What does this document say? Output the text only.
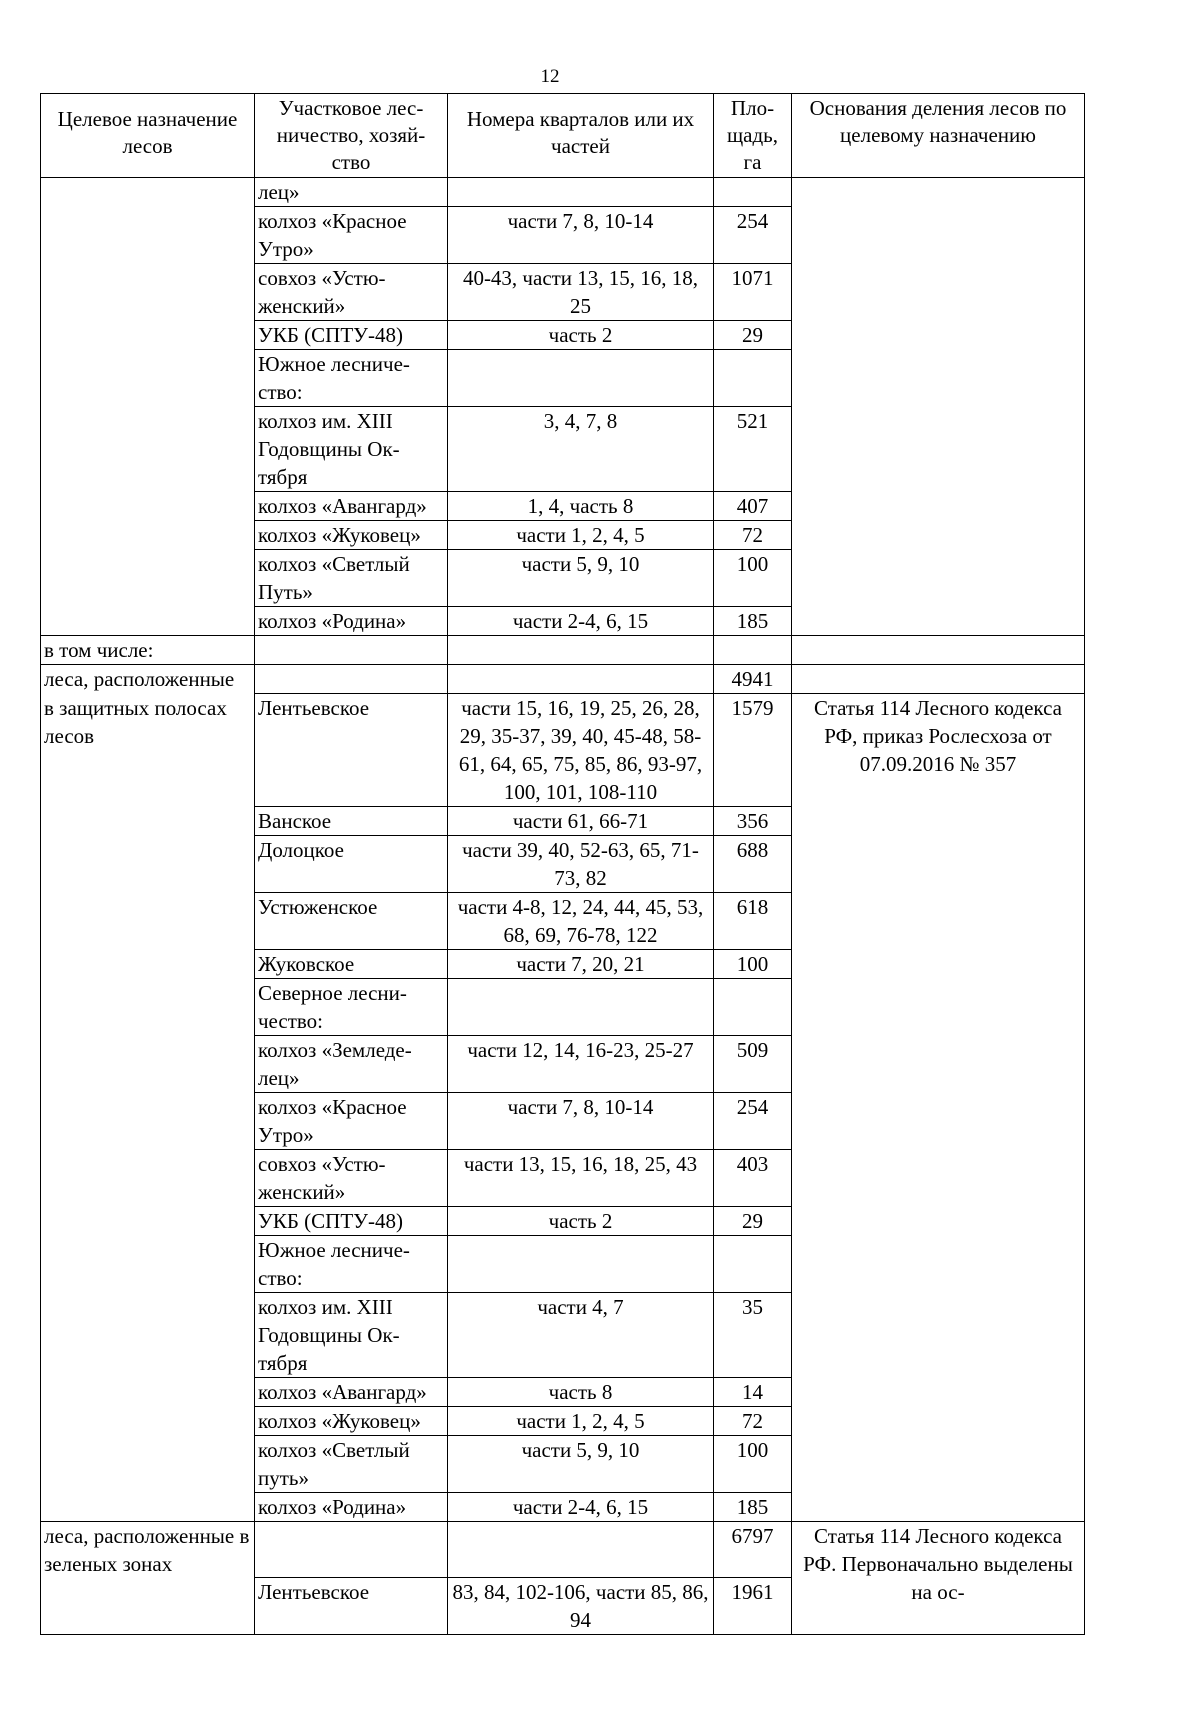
12
Целевое назначение лесов	Участковое лес-ничество, хозяй-ство	Номера кварталов или их частей	Пло-щадь, га	Основания деления лесов по целевому назначению
	лец»			
	колхоз «Красное Утро»	части 7, 8, 10-14	254	
	совхоз «Устю-женский»	40-43, части 13, 15, 16, 18, 25	1071	
	УКБ (СПТУ-48)	часть 2	29	
	Южное лесниче-ство:			
	колхоз им. XIII Годовщины Ок-тября	3, 4, 7, 8	521	
	колхоз «Авангард»	1, 4, часть 8	407	
	колхоз «Жуковец»	части 1, 2, 4, 5	72	
	колхоз «Светлый Путь»	части 5, 9, 10	100	
	колхоз «Родина»	части 2-4, 6, 15	185	
в том числе:				
леса, расположенные			4941	
в защитных полосах лесов	Лентьевское	части 15, 16, 19, 25, 26, 28, 29, 35-37, 39, 40, 45-48, 58-61, 64, 65, 75, 85, 86, 93-97, 100, 101, 108-110	1579	Статья 114 Лесного кодекса РФ, приказ Рослесхоза от 07.09.2016 № 357
	Ванское	части 61, 66-71	356	
	Долоцкое	части 39, 40, 52-63, 65, 71-73, 82	688	
	Устюженское	части 4-8, 12, 24, 44, 45, 53, 68, 69, 76-78, 122	618	
	Жуковское	части 7, 20, 21	100	
	Северное лесни-чество:			
	колхоз «Земледе-лец»	части 12, 14, 16-23, 25-27	509	
	колхоз «Красное Утро»	части 7, 8, 10-14	254	
	совхоз «Устю-женский»	части 13, 15, 16, 18, 25, 43	403	
	УКБ (СПТУ-48)	часть 2	29	
	Южное лесниче-ство:			
	колхоз им. XIII Годовщины Ок-тября	части 4, 7	35	
	колхоз «Авангард»	часть 8	14	
	колхоз «Жуковец»	части 1, 2, 4, 5	72	
	колхоз «Светлый путь»	части 5, 9, 10	100	
	колхоз «Родина»	части 2-4, 6, 15	185	
леса, расположенные в зеленых зонах			6797	Статья 114 Лесного кодекса РФ. Первоначально выделены на ос-
	Лентьевское	83, 84, 102-106, части 85, 86, 94	1961	
